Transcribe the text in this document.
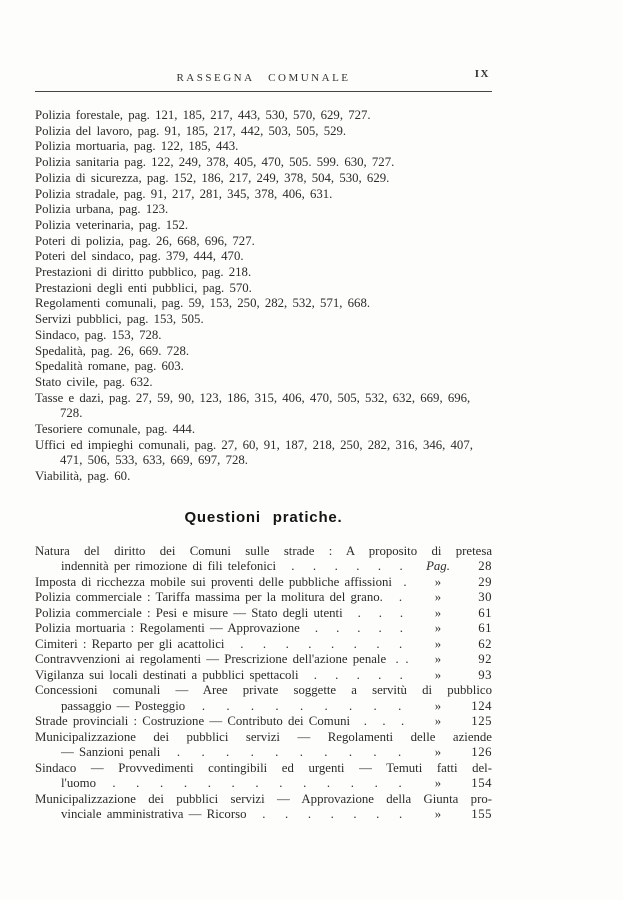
RASSEGNA COMUNALE	IX
Polizia forestale, pag. 121, 185, 217, 443, 530, 570, 629, 727.
Polizia del lavoro, pag. 91, 185, 217, 442, 503, 505, 529.
Polizia mortuaria, pag. 122, 185, 443.
Polizia sanitaria pag. 122, 249, 378, 405, 470, 505. 599. 630, 727.
Polizia di sicurezza, pag. 152, 186, 217, 249, 378, 504, 530, 629.
Polizia stradale, pag. 91, 217, 281, 345, 378, 406, 631.
Polizia urbana, pag. 123.
Polizia veterinaria, pag. 152.
Poteri di polizia, pag. 26, 668, 696, 727.
Poteri del sindaco, pag. 379, 444, 470.
Prestazioni di diritto pubblico, pag. 218.
Prestazioni degli enti pubblici, pag. 570.
Regolamenti comunali, pag. 59, 153, 250, 282, 532, 571, 668.
Servizi pubblici, pag. 153, 505.
Sindaco, pag. 153, 728.
Spedalità, pag. 26, 669. 728.
Spedalità romane, pag. 603.
Stato civile, pag. 632.
Tasse e dazi, pag. 27, 59, 90, 123, 186, 315, 406, 470, 505, 532, 632, 669, 696, 728.
Tesoriere comunale, pag. 444.
Uffici ed impieghi comunali, pag. 27, 60, 91, 187, 218, 250, 282, 316, 346, 407, 471, 506, 533, 633, 669, 697, 728.
Viabilità, pag. 60.
Questioni pratiche.
Natura del diritto dei Comuni sulle strade : A proposito di pretesa
indennità per rimozione di fili telefonici . . . . . .	Pag.	28
Imposta di ricchezza mobile sui proventi delle pubbliche affissioni .	»	29
Polizia commerciale : Tariffa massima per la molitura del grano. .	»	30
Polizia commerciale : Pesi e misure — Stato degli utenti . . .	»	61
Polizia mortuaria : Regolamenti — Approvazione . . . . .	»	61
Cimiteri : Reparto per gli acattolici . . . . . . . .	»	62
Contravvenzioni ai regolamenti — Prescrizione dell'azione penale . .	»	92
Vigilanza sui locali destinati a pubblici spettacoli . . . . .	»	93
Concessioni comunali — Aree private soggette a servitù di pubblico
passaggio — Posteggio . . . . . . . . .	»	124
Strade provinciali : Costruzione — Contributo dei Comuni . . .	»	125
Municipalizzazione dei pubblici servizi — Regolamenti delle aziende
— Sanzioni penali . . . . . . . . . .	»	126
Sindaco — Provvedimenti contingibili ed urgenti — Temuti fatti del-
l'uomo . . . . . . . . . . . . .	»	154
Municipalizzazione dei pubblici servizi — Approvazione della Giunta pro-
vinciale amministrativa — Ricorso . . . . . . .	»	155
